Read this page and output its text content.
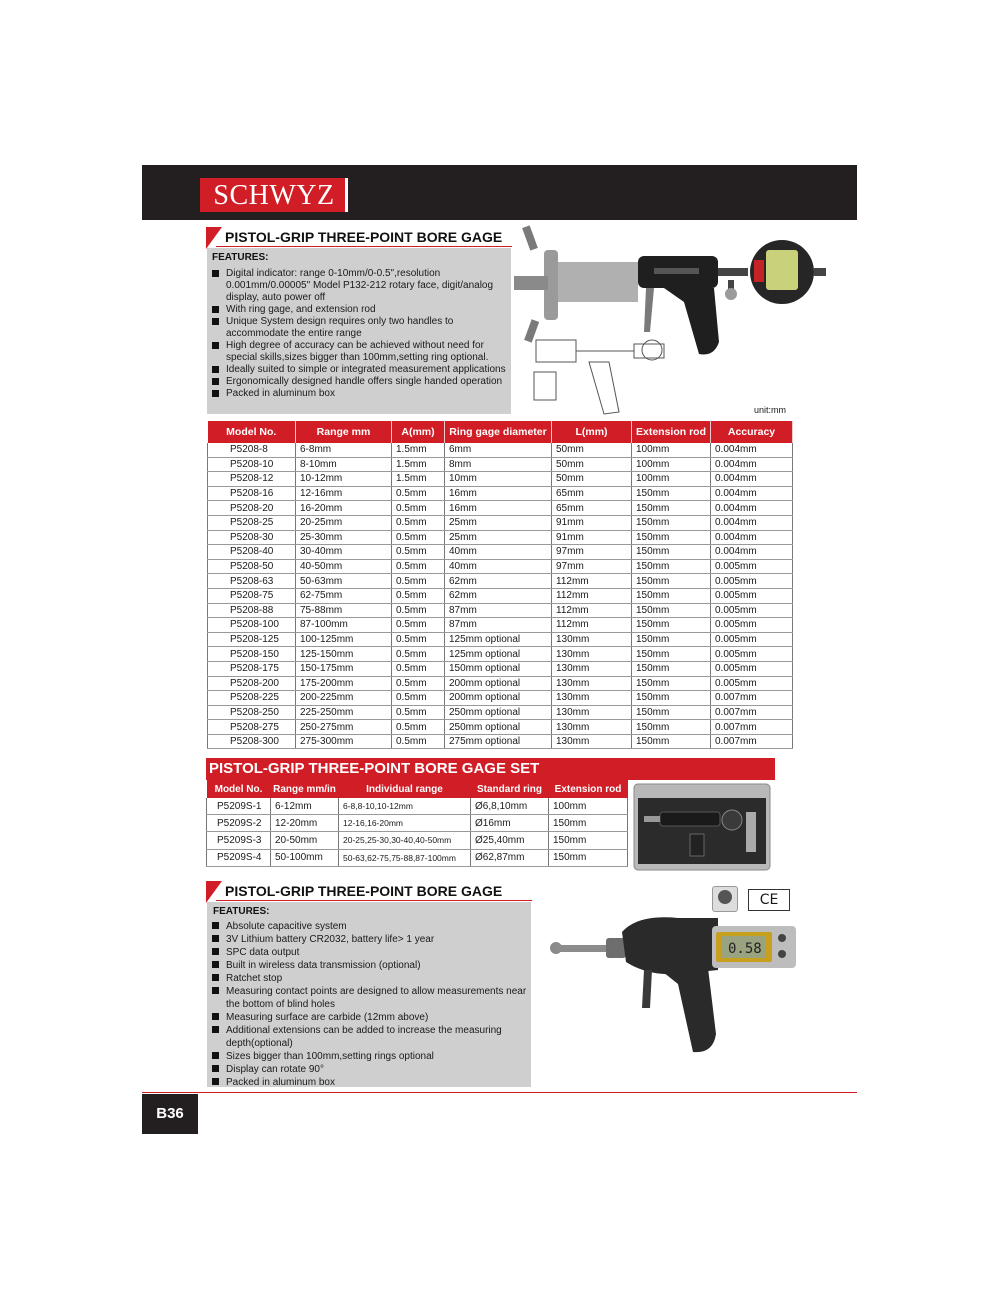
SCHWYZ
PISTOL-GRIP THREE-POINT BORE GAGE
FEATURES:
Digital indicator: range 0-10mm/0-0.5",resolution 0.001mm/0.00005" Model P132-212 rotary face, digit/analog display, auto power off
With ring gage, and extension rod
Unique System design requires only two handles to accommodate the entire range
High degree of accuracy can be achieved without need for special skills,sizes bigger than 100mm,setting ring optional.
Ideally suited to simple or integrated measurement applications
Ergonomically designed handle offers single handed operation
Packed in aluminum box
unit:mm
Model No.	Range mm	A(mm)	Ring gage diameter	L(mm)	Extension rod	Accuracy
P5208-8	6-8mm	1.5mm	6mm	50mm	100mm	0.004mm
P5208-10	8-10mm	1.5mm	8mm	50mm	100mm	0.004mm
P5208-12	10-12mm	1.5mm	10mm	50mm	100mm	0.004mm
P5208-16	12-16mm	0.5mm	16mm	65mm	150mm	0.004mm
P5208-20	16-20mm	0.5mm	16mm	65mm	150mm	0.004mm
P5208-25	20-25mm	0.5mm	25mm	91mm	150mm	0.004mm
P5208-30	25-30mm	0.5mm	25mm	91mm	150mm	0.004mm
P5208-40	30-40mm	0.5mm	40mm	97mm	150mm	0.004mm
P5208-50	40-50mm	0.5mm	40mm	97mm	150mm	0.005mm
P5208-63	50-63mm	0.5mm	62mm	112mm	150mm	0.005mm
P5208-75	62-75mm	0.5mm	62mm	112mm	150mm	0.005mm
P5208-88	75-88mm	0.5mm	87mm	112mm	150mm	0.005mm
P5208-100	87-100mm	0.5mm	87mm	112mm	150mm	0.005mm
P5208-125	100-125mm	0.5mm	125mm optional	130mm	150mm	0.005mm
P5208-150	125-150mm	0.5mm	125mm optional	130mm	150mm	0.005mm
P5208-175	150-175mm	0.5mm	150mm optional	130mm	150mm	0.005mm
P5208-200	175-200mm	0.5mm	200mm optional	130mm	150mm	0.005mm
P5208-225	200-225mm	0.5mm	200mm optional	130mm	150mm	0.007mm
P5208-250	225-250mm	0.5mm	250mm optional	130mm	150mm	0.007mm
P5208-275	250-275mm	0.5mm	250mm optional	130mm	150mm	0.007mm
P5208-300	275-300mm	0.5mm	275mm optional	130mm	150mm	0.007mm
PISTOL-GRIP THREE-POINT BORE GAGE SET
Model No.	Range mm/in	Individual range	Standard ring	Extension rod
P5209S-1	6-12mm	6-8,8-10,10-12mm	Ø6,8,10mm	100mm
P5209S-2	12-20mm	12-16,16-20mm	Ø16mm	150mm
P5209S-3	20-50mm	20-25,25-30,30-40,40-50mm	Ø25,40mm	150mm
P5209S-4	50-100mm	50-63,62-75,75-88,87-100mm	Ø62,87mm	150mm
PISTOL-GRIP THREE-POINT BORE GAGE
FEATURES:
Absolute capacitive system
3V Lithium battery CR2032, battery life> 1 year
SPC data output
Built in wireless data transmission (optional)
Ratchet stop
Measuring contact points are designed to allow measurements near the bottom of blind holes
Measuring surface are carbide (12mm above)
Additional extensions can be added to increase the measuring depth(optional)
Sizes bigger than 100mm,setting rings optional
Display can rotate 90°
Packed in aluminum box
CE
0.58
B36
